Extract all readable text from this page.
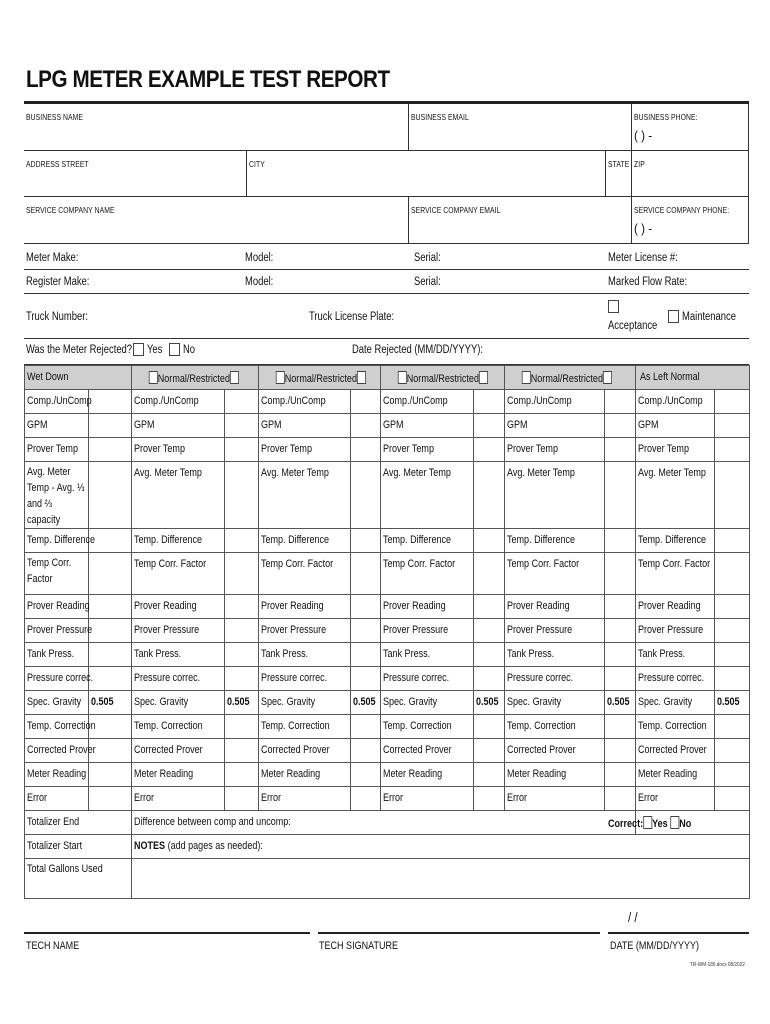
LPG METER EXAMPLE TEST REPORT
BUSINESS NAME	BUSINESS EMAIL	BUSINESS PHONE:
( ) -
ADDRESS STREET	CITY	STATE ZIP
SERVICE COMPANY NAME	SERVICE COMPANY EMAIL	SERVICE COMPANY PHONE:
( ) -
Meter Make:	Model:	Serial:	Meter License #:
Register Make:	Model:	Serial:	Marked Flow Rate:
Truck Number:	Truck License Plate:
Acceptance
Maintenance
Was the Meter Rejected? Yes No	Date Rejected (MM/DD/YYYY):
Wet Down		Normal/Restricted		Normal/Restricted		Normal/Restricted		Normal/Restricted		As Left Normal	

Comp./UnComp		Comp./UnComp		Comp./UnComp		Comp./UnComp		Comp./UnComp		Comp./UnComp	

GPM		GPM		GPM		GPM		GPM		GPM	

Prover Temp		Prover Temp		Prover Temp		Prover Temp		Prover Temp		Prover Temp	

Avg. Meter Temp - Avg. ⅓ and ⅔ capacity		Avg. Meter Temp		Avg. Meter Temp		Avg. Meter Temp		Avg. Meter Temp		Avg. Meter Temp	

Temp. Difference		Temp. Difference		Temp. Difference		Temp. Difference		Temp. Difference		Temp. Difference	

Temp Corr. Factor		Temp Corr. Factor		Temp Corr. Factor		Temp Corr. Factor		Temp Corr. Factor		Temp Corr. Factor	

Prover Reading		Prover Reading		Prover Reading		Prover Reading		Prover Reading		Prover Reading	

Prover Pressure		Prover Pressure		Prover Pressure		Prover Pressure		Prover Pressure		Prover Pressure	

Tank Press.		Tank Press.		Tank Press.		Tank Press.		Tank Press.		Tank Press.	

Pressure correc.		Pressure correc.		Pressure correc.		Pressure correc.		Pressure correc.		Pressure correc.	

Spec. Gravity	0.505	Spec. Gravity	0.505	Spec. Gravity	0.505	Spec. Gravity	0.505	Spec. Gravity	0.505	Spec. Gravity	0.505

Temp. Correction		Temp. Correction		Temp. Correction		Temp. Correction		Temp. Correction		Temp. Correction	

Corrected Prover		Corrected Prover		Corrected Prover		Corrected Prover		Corrected Prover		Corrected Prover	

Meter Reading		Meter Reading		Meter Reading		Meter Reading		Meter Reading		Meter Reading	

Error		Error		Error		Error		Error		Error	

Totalizer End		Difference between comp and uncomp:								Correct: Yes No	

Totalizer Start		NOTES (add pages as needed):									

Total Gallons Used											

/ /
TECH NAME	TECH SIGNATURE	DATE (MM/DD/YYYY)
TR-WM-185.docx 08/2022
